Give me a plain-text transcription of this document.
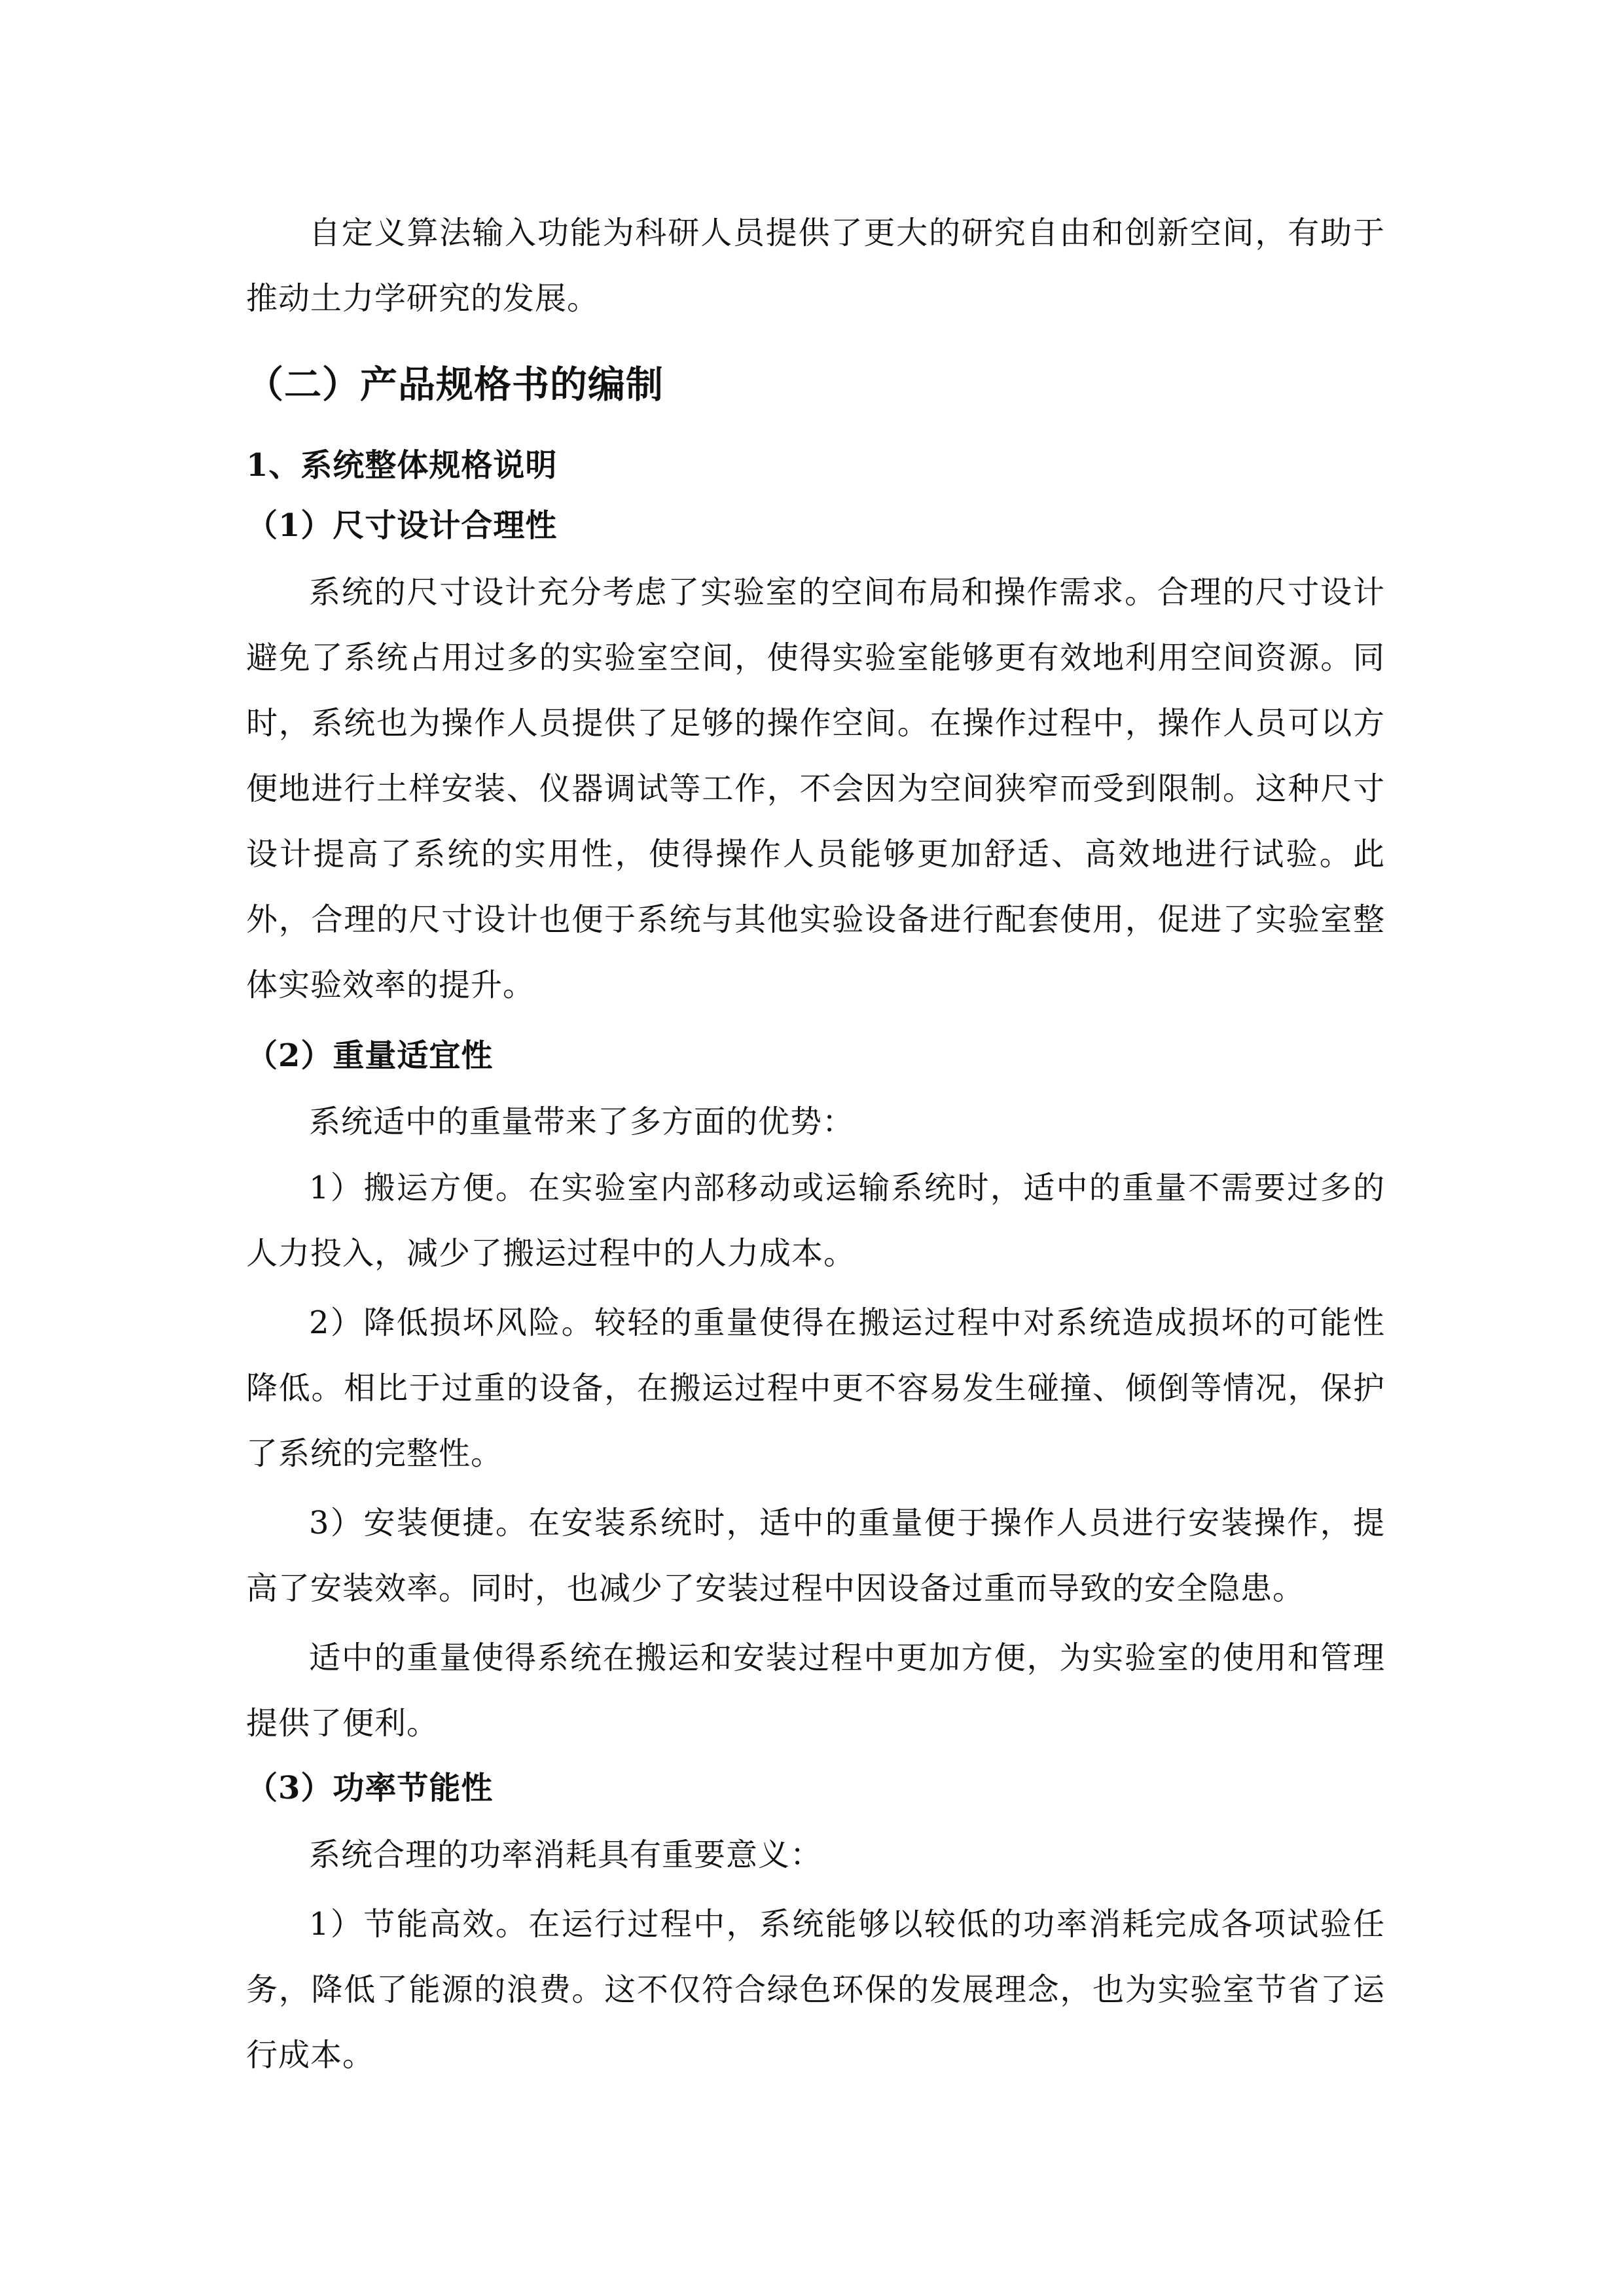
自定义算法输入功能为科研人员提供了更大的研究自由和创新空间，有助于推动土力学研究的发展。

（二）产品规格书的编制
1、系统整体规格说明
（1）尺寸设计合理性

系统的尺寸设计充分考虑了实验室的空间布局和操作需求。合理的尺寸设计避免了系统占用过多的实验室空间，使得实验室能够更有效地利用空间资源。同时，系统也为操作人员提供了足够的操作空间。在操作过程中，操作人员可以方便地进行土样安装、仪器调试等工作，不会因为空间狭窄而受到限制。这种尺寸设计提高了系统的实用性，使得操作人员能够更加舒适、高效地进行试验。此外，合理的尺寸设计也便于系统与其他实验设备进行配套使用，促进了实验室整体实验效率的提升。

（2）重量适宜性

系统适中的重量带来了多方面的优势：

1）搬运方便。在实验室内部移动或运输系统时，适中的重量不需要过多的人力投入，减少了搬运过程中的人力成本。

2）降低损坏风险。较轻的重量使得在搬运过程中对系统造成损坏的可能性降低。相比于过重的设备，在搬运过程中更不容易发生碰撞、倾倒等情况，保护了系统的完整性。

3）安装便捷。在安装系统时，适中的重量便于操作人员进行安装操作，提高了安装效率。同时，也减少了安装过程中因设备过重而导致的安全隐患。

适中的重量使得系统在搬运和安装过程中更加方便，为实验室的使用和管理提供了便利。

（3）功率节能性

系统合理的功率消耗具有重要意义：

1）节能高效。在运行过程中，系统能够以较低的功率消耗完成各项试验任务，降低了能源的浪费。这不仅符合绿色环保的发展理念，也为实验室节省了运行成本。
